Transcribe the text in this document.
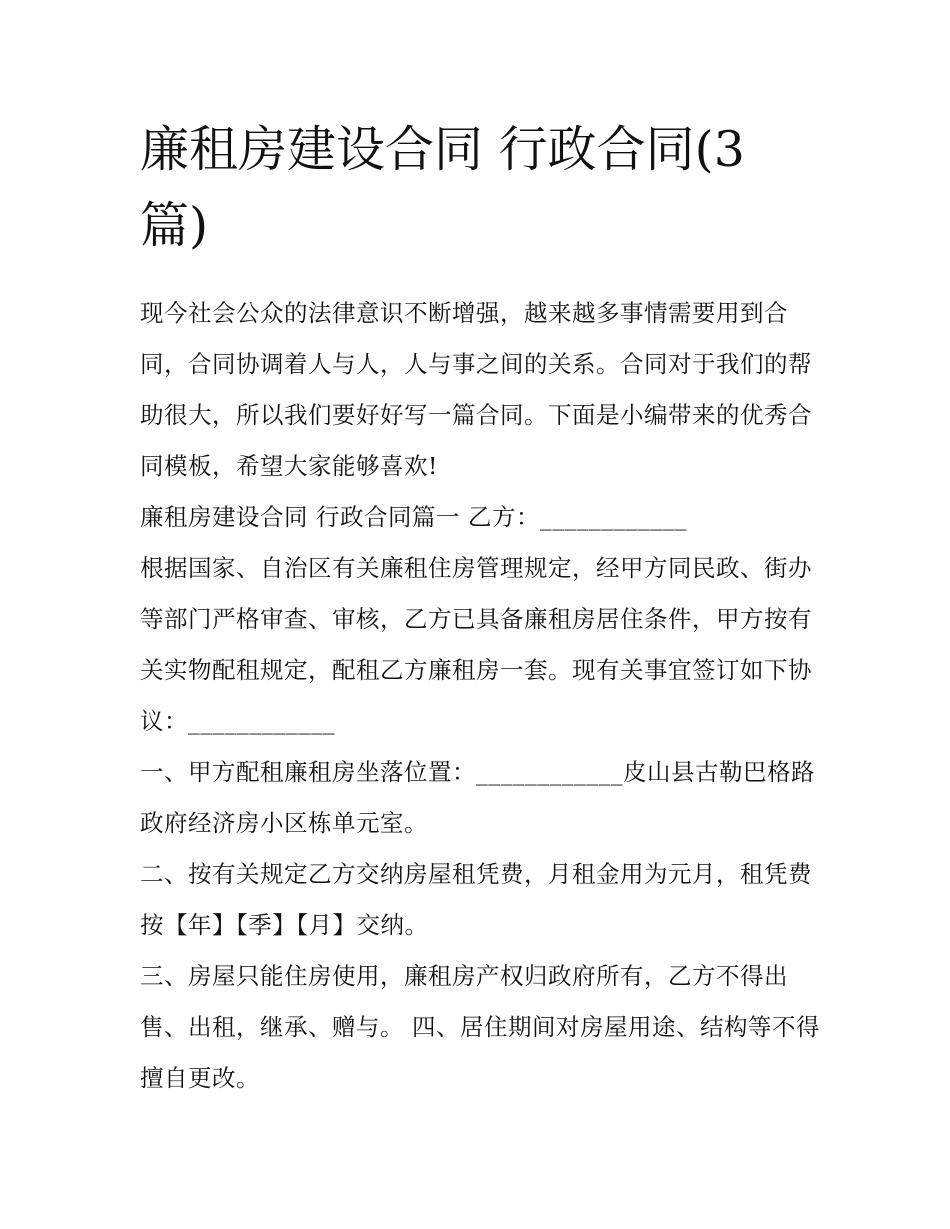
廉租房建设合同 行政合同(3
篇)

现今社会公众的法律意识不断增强，越来越多事情需要用到合同，合同协调着人与人，人与事之间的关系。合同对于我们的帮助很大，所以我们要好好写一篇合同。下面是小编带来的优秀合同模板，希望大家能够喜欢!

廉租房建设合同 行政合同篇一 乙方：____________

根据国家、自治区有关廉租住房管理规定，经甲方同民政、街办等部门严格审查、审核，乙方已具备廉租房居住条件，甲方按有关实物配租规定，配租乙方廉租房一套。现有关事宜签订如下协议：____________

一、甲方配租廉租房坐落位置：____________皮山县古勒巴格路政府经济房小区栋单元室。

二、按有关规定乙方交纳房屋租凭费，月租金用为元月，租凭费按【年】【季】【月】交纳。

三、房屋只能住房使用，廉租房产权归政府所有，乙方不得出售、出租，继承、赠与。 四、居住期间对房屋用途、结构等不得擅自更改。
